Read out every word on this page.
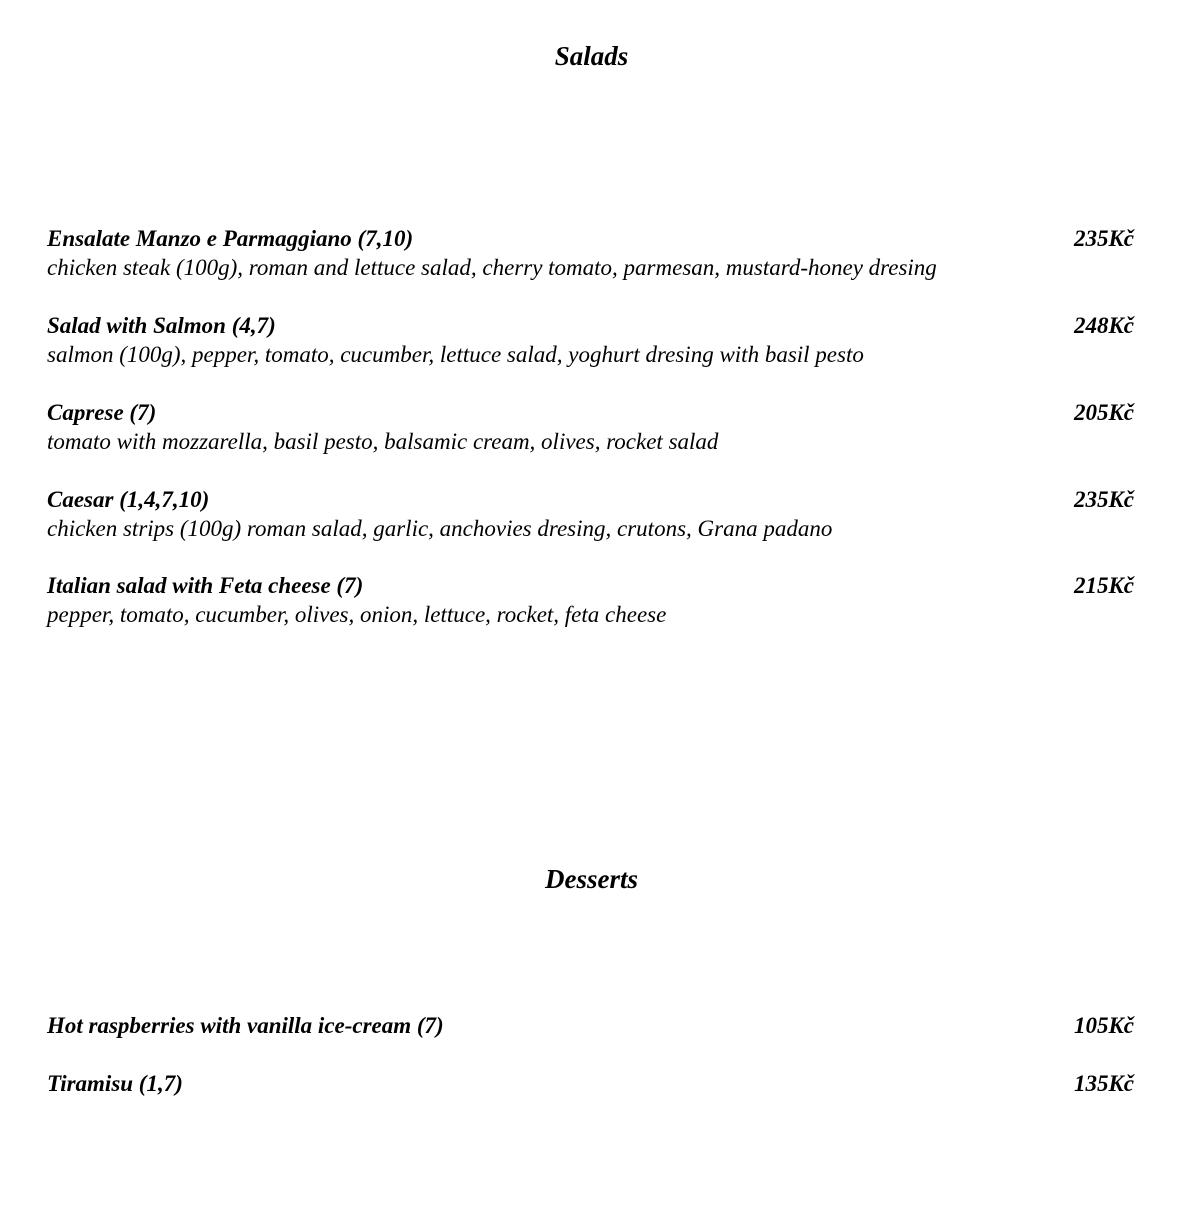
Salads
Ensalate Manzo e Parmaggiano (7,10)	235Kč
chicken steak (100g), roman and lettuce salad, cherry tomato, parmesan, mustard-honey dresing
Salad with Salmon (4,7)	248Kč
salmon (100g), pepper, tomato, cucumber, lettuce salad, yoghurt dresing with basil pesto
Caprese (7)	205Kč
tomato with mozzarella, basil pesto, balsamic cream, olives, rocket salad
Caesar (1,4,7,10)	235Kč
chicken strips (100g) roman salad, garlic, anchovies dresing, crutons, Grana padano
Italian salad with Feta cheese (7)	215Kč
pepper, tomato, cucumber, olives, onion, lettuce, rocket, feta cheese
Desserts
Hot raspberries with vanilla ice-cream (7)	105Kč
Tiramisu (1,7)	135Kč
